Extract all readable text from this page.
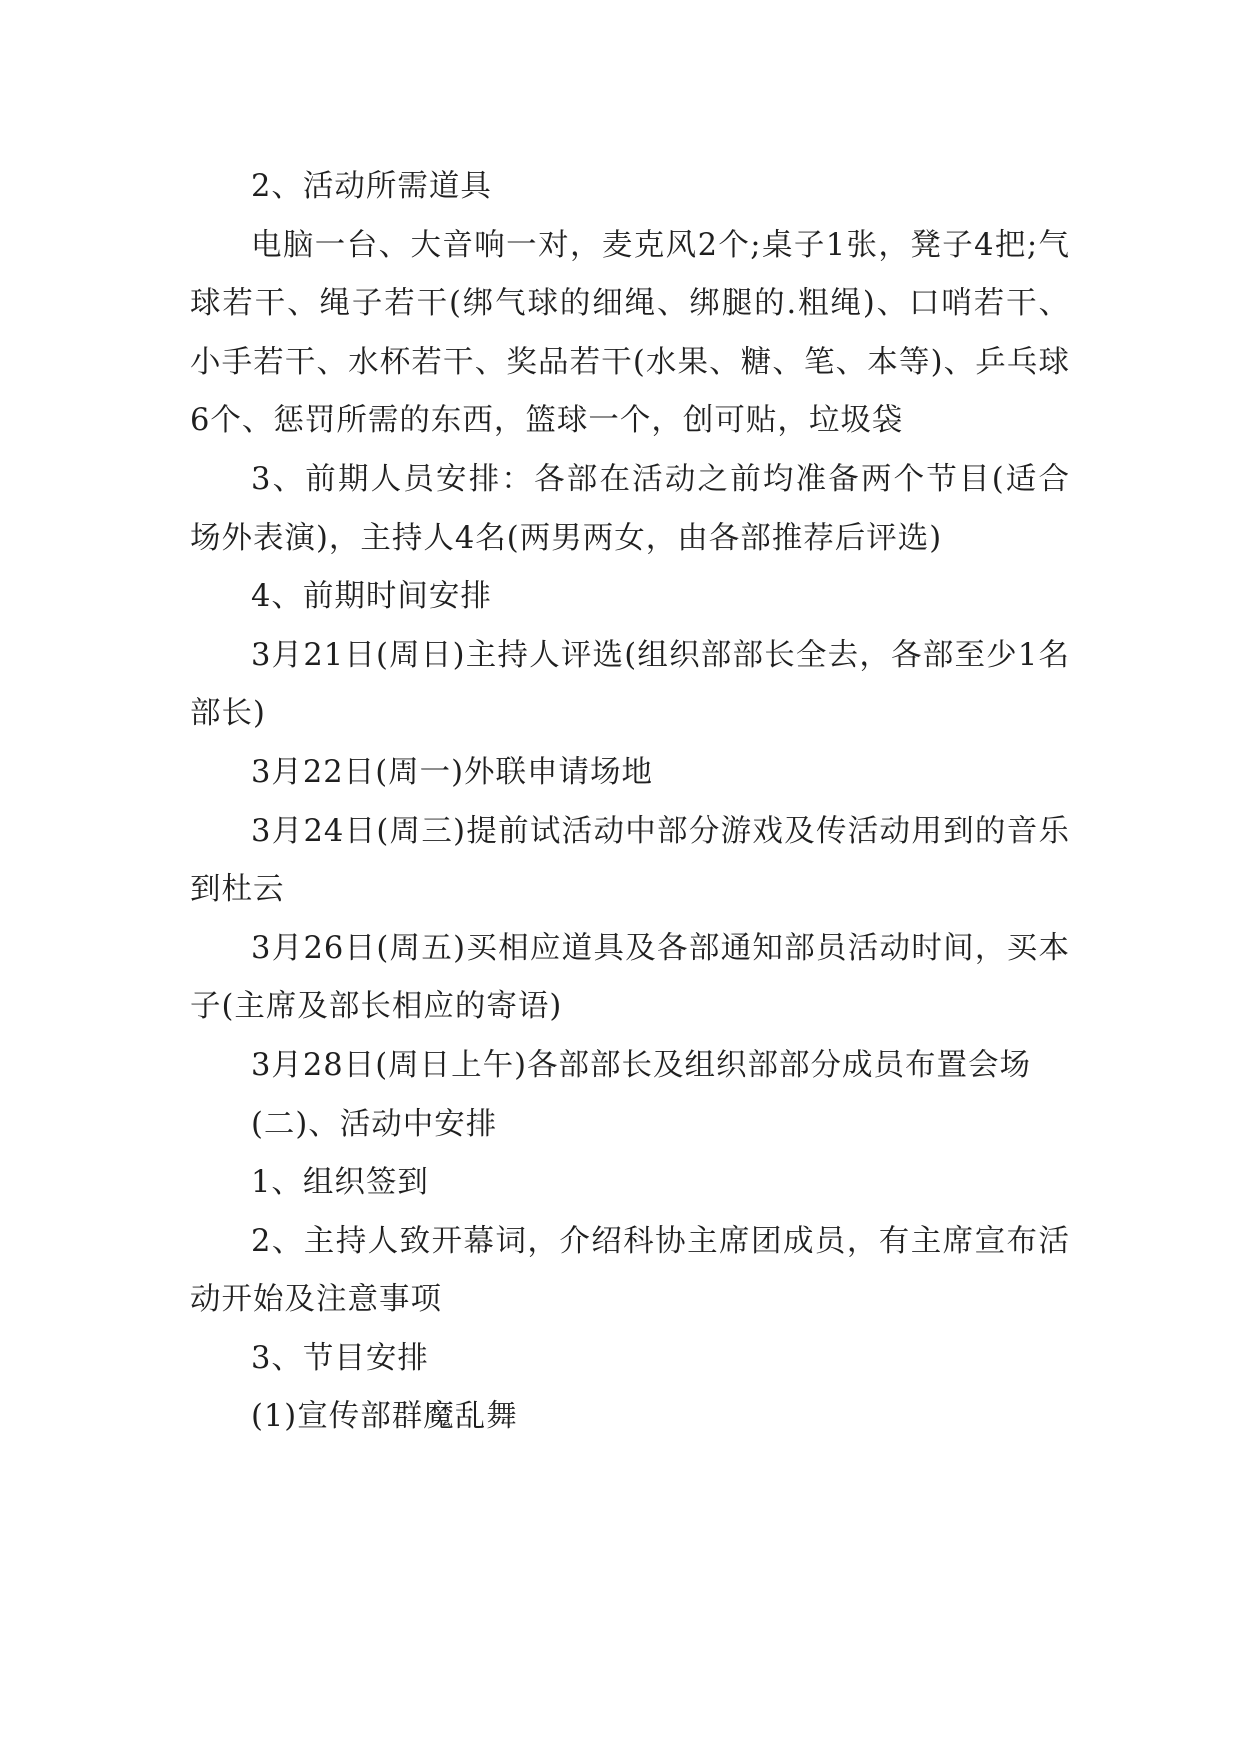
2、活动所需道具

电脑一台、大音响一对，麦克风2个;桌子1张，凳子4把;气球若干、绳子若干(绑气球的细绳、绑腿的.粗绳)、口哨若干、小手若干、水杯若干、奖品若干(水果、糖、笔、本等)、乒乓球6个、惩罚所需的东西，篮球一个，创可贴，垃圾袋

3、前期人员安排：各部在活动之前均准备两个节目(适合场外表演)，主持人4名(两男两女，由各部推荐后评选)

4、前期时间安排

3月21日(周日)主持人评选(组织部部长全去，各部至少1名部长)

3月22日(周一)外联申请场地

3月24日(周三)提前试活动中部分游戏及传活动用到的音乐到杜云

3月26日(周五)买相应道具及各部通知部员活动时间，买本子(主席及部长相应的寄语)

3月28日(周日上午)各部部长及组织部部分成员布置会场

(二)、活动中安排

1、组织签到

2、主持人致开幕词，介绍科协主席团成员，有主席宣布活动开始及注意事项

3、节目安排

(1)宣传部群魔乱舞
